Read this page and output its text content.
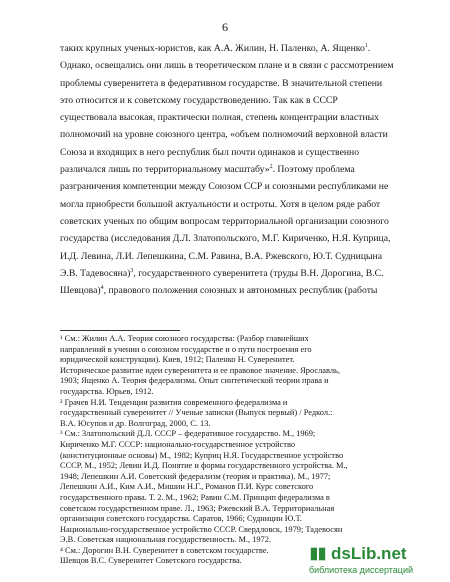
6
таких крупных ученых-юристов, как А.А. Жилин, Н. Паленко, А. Ященко$^1$.
Однако, освещались они лишь в теоретическом плане и в связи с рассмотрением
проблемы суверенитета в федеративном государстве. В значительной степени
это относится и к советскому государствоведению. Так как в СССР
существовала высокая, практически полная, степень концентрации властных
полномочий на уровне союзного центра, «объем полномочий верховной власти
Союза и входящих в него республик был почти одинаков и существенно
различался лишь по территориальному масштабу»$^2$. Поэтому проблема
разграничения компетенции между Союзом ССР и союзными республиками не
могла приобрести большой актуальности и остроты. Хотя в целом ряде работ
советских ученых по общим вопросам территориальной организации союзного
государства (исследования Д.Л. Златопольского, М.Г. Кириченко, Н.Я. Куприца,
И.Д. Левина, Л.И. Лепешкина, С.М. Равина, В.А. Ржевского, Ю.Т. Судницына
Э.В. Тадевосяна)$^3$, государственного суверенитета (труды В.Н. Дорогина, В.С.
Шевцова)$^4$, правового положения союзных и автономных республик (работы
¹ См.: Жилин А.А. Теория союзного государства: (Разбор главнейших
направлений в учении о союзном государстве и о пути построения его
юридической конструкции). Киев, 1912; Паленко Н. Суверенитет.
Историческое развитие идеи суверенитета и ее правовое значение. Ярославль,
1903; Ященко А. Теория федерализма. Опыт синтетической теории права и
государства. Юрьев, 1912.
² Грачев Н.И. Тенденции развития современного федерализма и
государственный суверенитет // Ученые записки (Выпуск первый) / Редкол.:
В.А. Юсупов и др. Волгоград, 2000, С. 13.
³ См.: Златопольский Д.Л. СССР – федеративное государство. М., 1969;
Кириченко М.Г. СССР: национально-государственное устройство
(конституционные основы) М., 1982; Куприц Н.Я. Государственное устройство
СССР. М., 1952; Левин И.Д. Понятие и формы государственного устройства. М.,
1948; Лепешкин А.И. Советский федерализм (теория и практика). М., 1977;
Лепешкин А.И., Ким А.И., Мишин Н.Г., Романов П.И. Курс советского
государственного права. Т. 2. М., 1962; Равин С.М. Принцип федерализма в
советском государственном праве. Л., 1963; Ржевский В.А. Территориальная
организация советского государства. Саратов, 1966; Судницин Ю.Т.
Национально-государственное устройство СССР. Свердловск, 1979; Тадевосян
Э.В. Советская национальная государственность. М., 1972.
⁴ См.: Дорогин В.Н. Суверенитет в советском государстве.
Шевцов В.С. Суверенитет Советского государства.	dsLib.net
библиотека диссертаций
